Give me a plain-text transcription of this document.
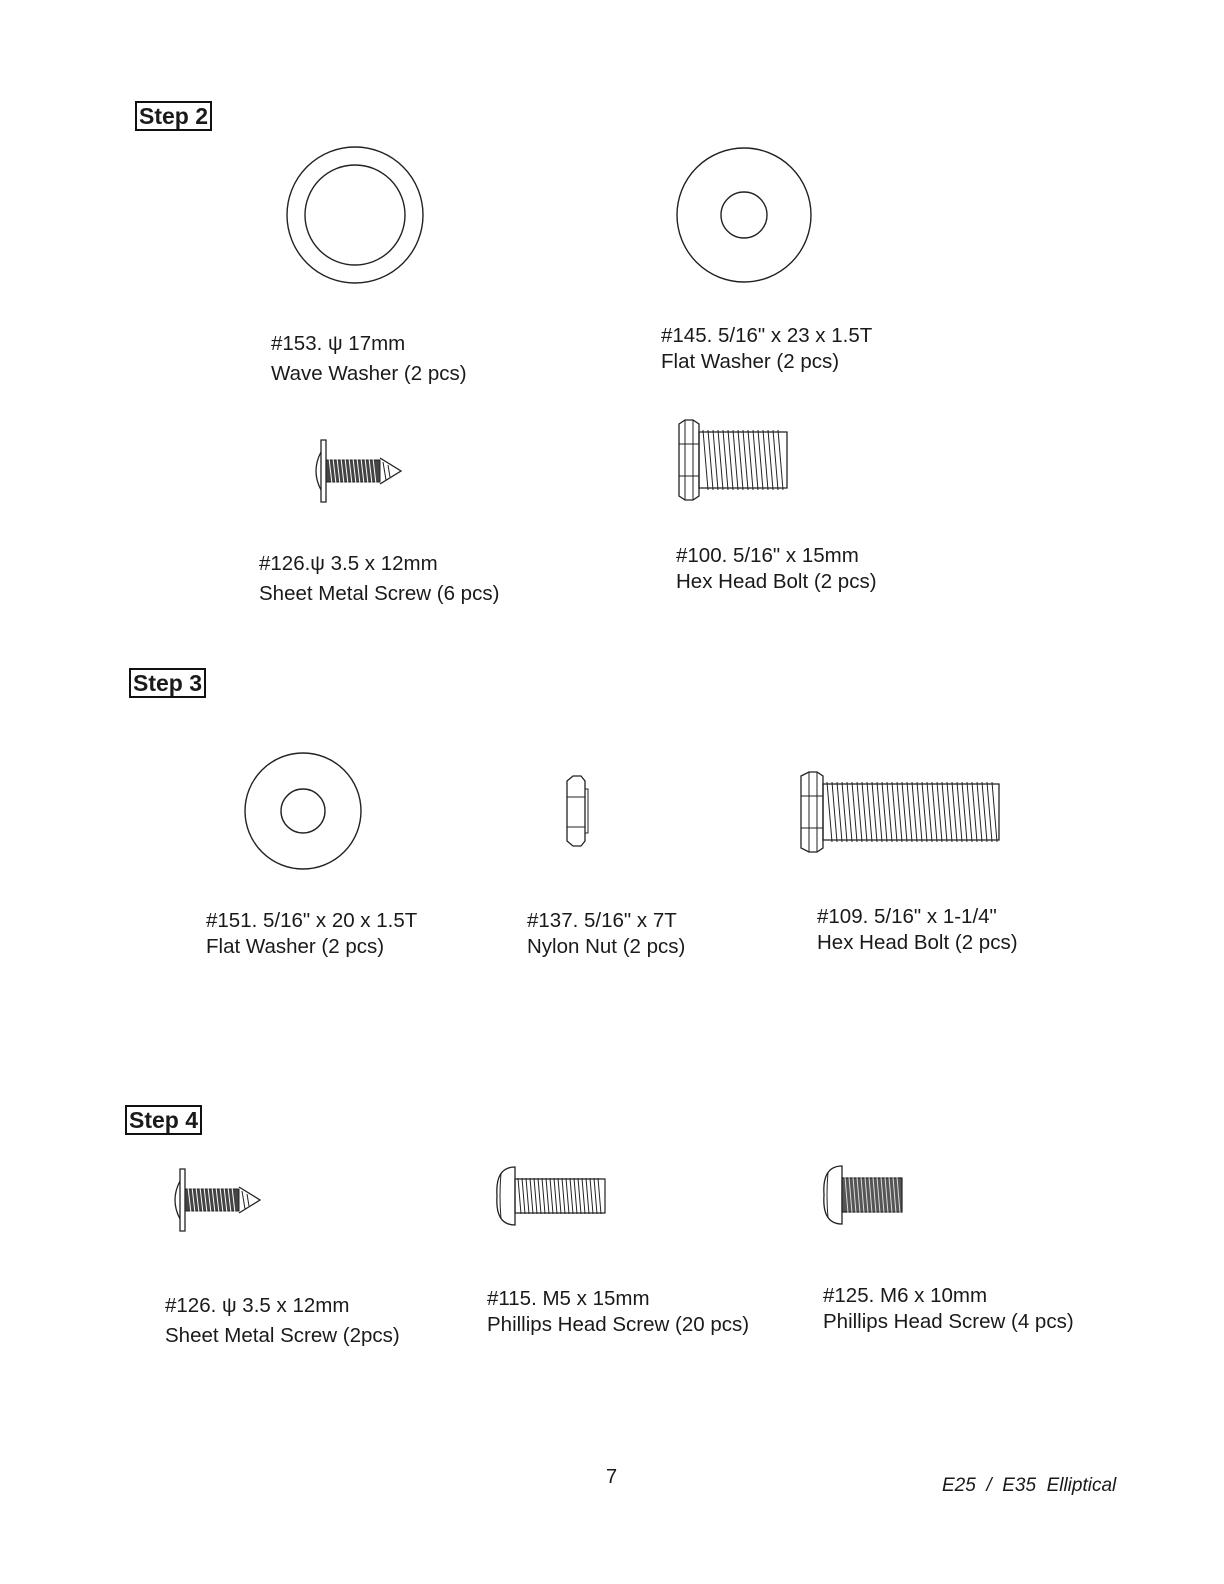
Step 2
#153. ψ 17mm
Wave Washer (2 pcs)
#145. 5/16" x 23 x 1.5T
Flat Washer (2 pcs)
#126.ψ 3.5 x 12mm
Sheet Metal Screw (6 pcs)
#100. 5/16" x 15mm
Hex Head Bolt (2 pcs)
Step 3
#151. 5/16" x 20 x 1.5T
Flat Washer (2 pcs)
#137. 5/16" x 7T
Nylon Nut (2 pcs)
#109. 5/16" x 1-1/4"
Hex Head Bolt (2 pcs)
Step 4
#126. ψ 3.5 x 12mm
Sheet Metal Screw (2pcs)
#115. M5 x 15mm
Phillips Head Screw (20 pcs)
#125. M6 x 10mm
Phillips Head Screw (4 pcs)
7	E25  /  E35  Elliptical
